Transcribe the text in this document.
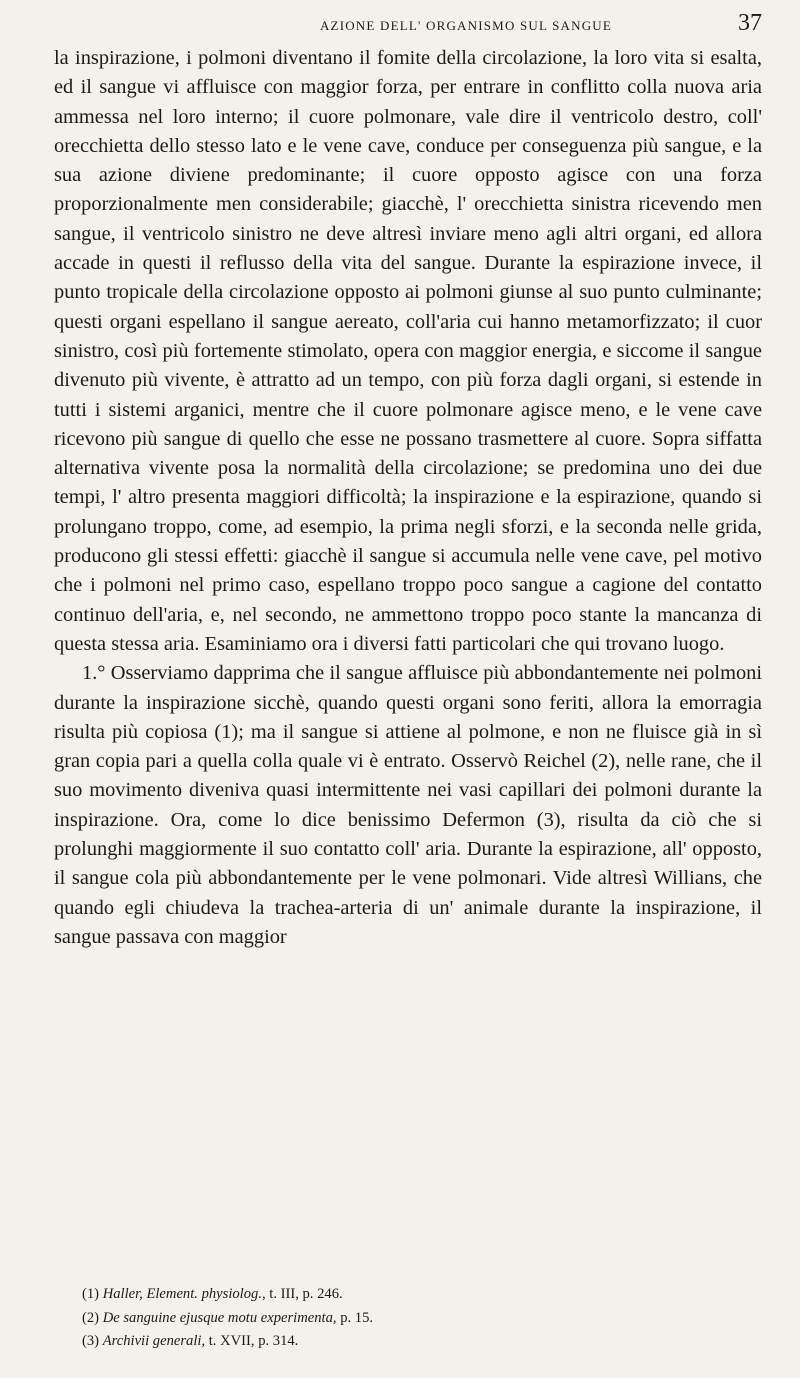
AZIONE DELL' ORGANISMO SUL SANGUE	37

la inspirazione, i polmoni diventano il fomite della circolazione, la loro vita si esalta, ed il sangue vi affluisce con maggior forza, per entrare in conflitto colla nuova aria ammessa nel loro interno; il cuore polmonare, vale dire il ventricolo destro, coll' orecchietta dello stesso lato e le vene cave, conduce per conseguenza più sangue, e la sua azione diviene predominante; il cuore opposto agisce con una forza proporzionalmente men considerabile; giacchè, l' orecchietta sinistra ricevendo men sangue, il ventricolo sinistro ne deve altresì inviare meno agli altri organi, ed allora accade in questi il reflusso della vita del sangue. Durante la espirazione invece, il punto tropicale della circolazione opposto ai polmoni giunse al suo punto culminante; questi organi espellano il sangue aereato, coll'aria cui hanno metamorfizzato; il cuor sinistro, così più fortemente stimolato, opera con maggior energia, e siccome il sangue divenuto più vivente, è attratto ad un tempo, con più forza dagli organi, si estende in tutti i sistemi arganici, mentre che il cuore polmonare agisce meno, e le vene cave ricevono più sangue di quello che esse ne possano trasmettere al cuore. Sopra siffatta alternativa vivente posa la normalità della circolazione; se predomina uno dei due tempi, l' altro presenta maggiori difficoltà; la inspirazione e la espirazione, quando si prolungano troppo, come, ad esempio, la prima negli sforzi, e la seconda nelle grida, producono gli stessi effetti: giacchè il sangue si accumula nelle vene cave, pel motivo che i polmoni nel primo caso, espellano troppo poco sangue a cagione del contatto continuo dell'aria, e, nel secondo, ne ammettono troppo poco stante la mancanza di questa stessa aria. Esaminiamo ora i diversi fatti particolari che qui trovano luogo.

1.° Osserviamo dapprima che il sangue affluisce più abbondantemente nei polmoni durante la inspirazione sicchè, quando questi organi sono feriti, allora la emorragia risulta più copiosa (1); ma il sangue si attiene al polmone, e non ne fluisce già in sì gran copia pari a quella colla quale vi è entrato. Osservò Reichel (2), nelle rane, che il suo movimento diveniva quasi intermittente nei vasi capillari dei polmoni durante la inspirazione. Ora, come lo dice benissimo Defermon (3), risulta da ciò che si prolunghi maggiormente il suo contatto coll' aria. Durante la espirazione, all' opposto, il sangue cola più abbondantemente per le vene polmonari. Vide altresì Willians, che quando egli chiudeva la trachea-arteria di un' animale durante la inspirazione, il sangue passava con maggior

(1) Haller, Element. physiolog., t. III, p. 246.
(2) De sanguine ejusque motu experimenta, p. 15.
(3) Archivii generali, t. XVII, p. 314.
